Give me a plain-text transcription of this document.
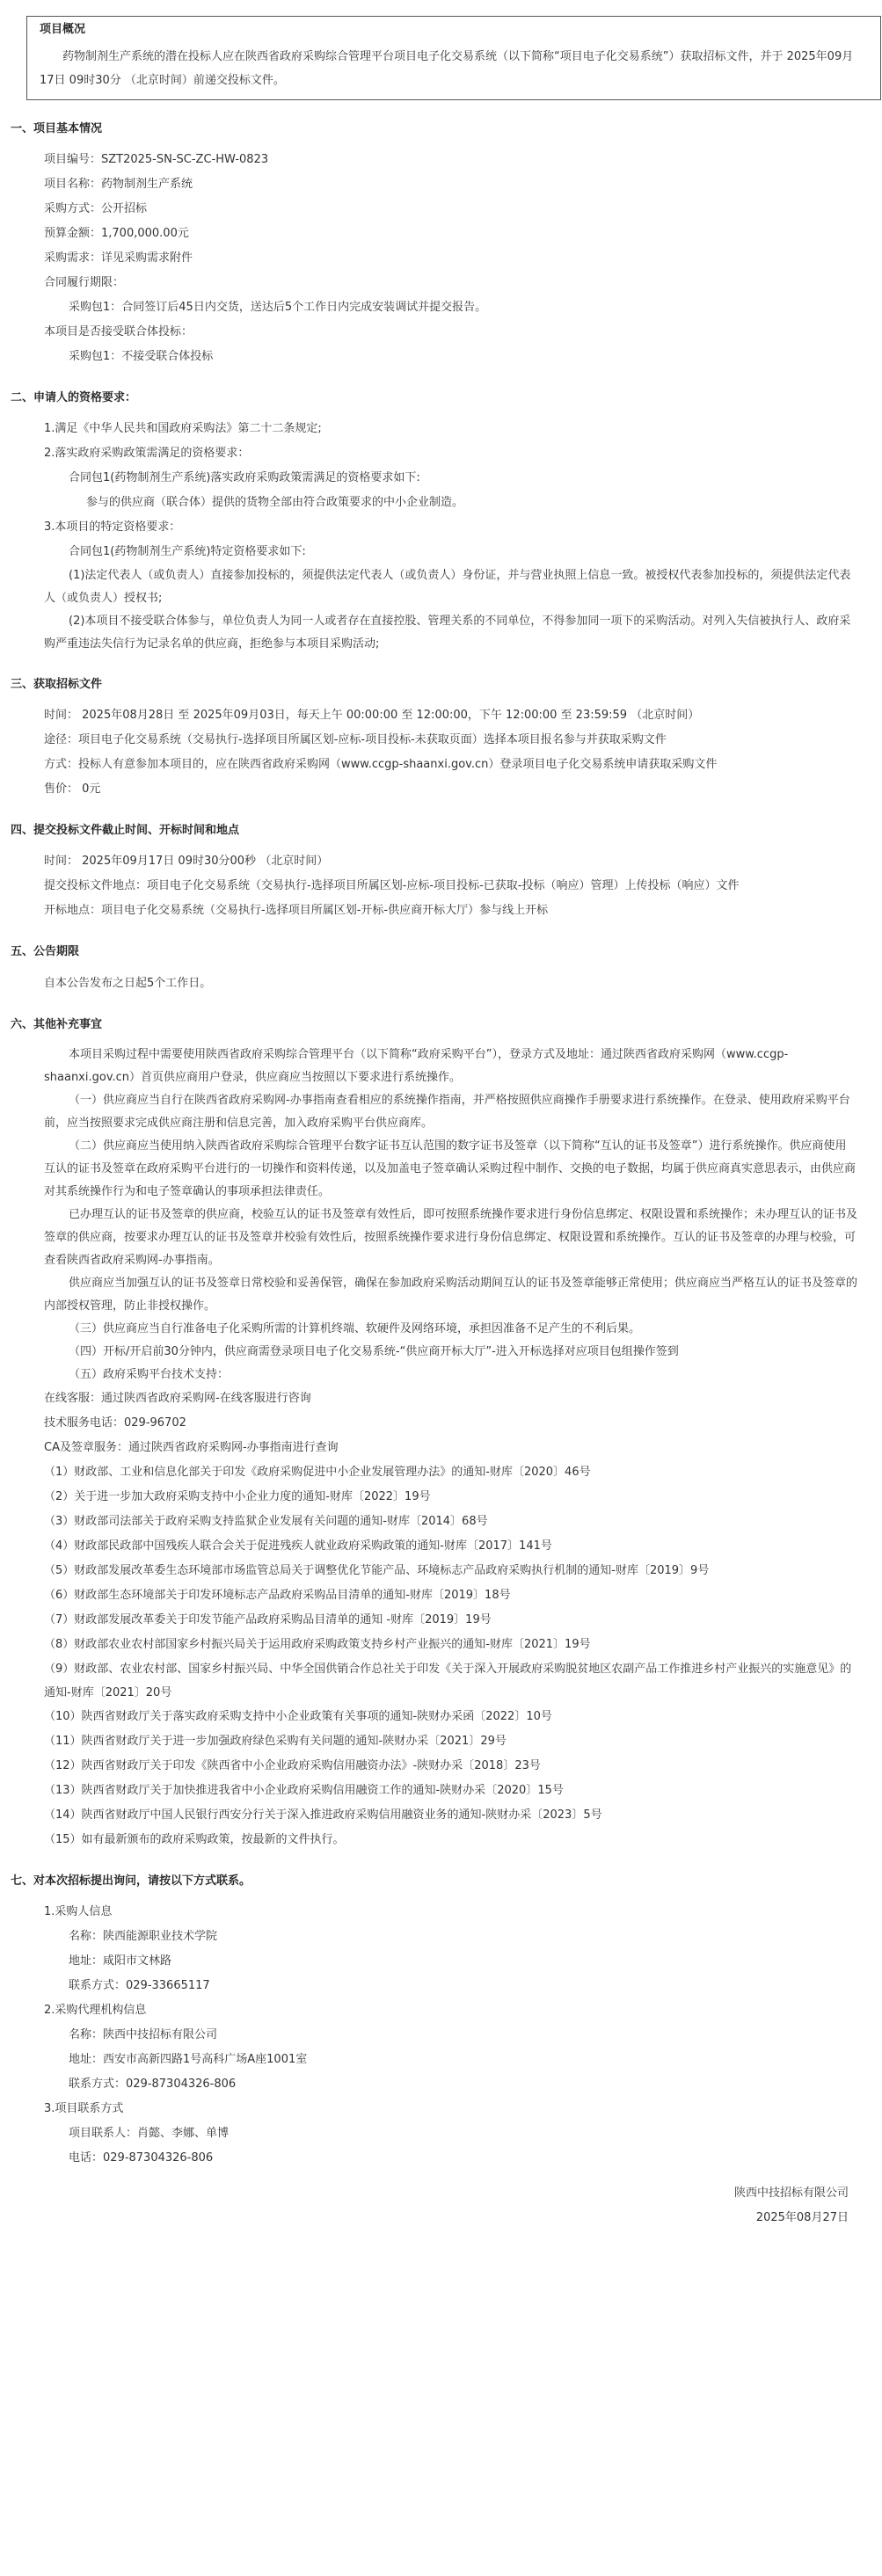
项目概况
药物制剂生产系统的潜在投标人应在陕西省政府采购综合管理平台项目电子化交易系统（以下简称“项目电子化交易系统”）获取招标文件，并于 2025年09月17日 09时30分 （北京时间）前递交投标文件。
一、项目基本情况
项目编号：SZT2025-SN-SC-ZC-HW-0823
项目名称：药物制剂生产系统
采购方式：公开招标
预算金额：1,700,000.00元
采购需求：详见采购需求附件
合同履行期限：
采购包1：合同签订后45日内交货，送达后5个工作日内完成安装调试并提交报告。
本项目是否接受联合体投标：
采购包1：不接受联合体投标
二、申请人的资格要求：
1.满足《中华人民共和国政府采购法》第二十二条规定;
2.落实政府采购政策需满足的资格要求：
合同包1(药物制剂生产系统)落实政府采购政策需满足的资格要求如下:
参与的供应商（联合体）提供的货物全部由符合政策要求的中小企业制造。
3.本项目的特定资格要求：
合同包1(药物制剂生产系统)特定资格要求如下:
(1)法定代表人（或负责人）直接参加投标的，须提供法定代表人（或负责人）身份证，并与营业执照上信息一致。被授权代表参加投标的，须提供法定代表人（或负责人）授权书;
(2)本项目不接受联合体参与，单位负责人为同一人或者存在直接控股、管理关系的不同单位，不得参加同一项下的采购活动。对列入失信被执行人、政府采购严重违法失信行为记录名单的供应商，拒绝参与本项目采购活动;
三、获取招标文件
时间： 2025年08月28日 至 2025年09月03日，每天上午 00:00:00 至 12:00:00，下午 12:00:00 至 23:59:59 （北京时间）
途径：项目电子化交易系统（交易执行-选择项目所属区划-应标-项目投标-未获取页面）选择本项目报名参与并获取采购文件
方式：投标人有意参加本项目的，应在陕西省政府采购网（www.ccgp-shaanxi.gov.cn）登录项目电子化交易系统申请获取采购文件
售价： 0元
四、提交投标文件截止时间、开标时间和地点
时间： 2025年09月17日 09时30分00秒 （北京时间）
提交投标文件地点：项目电子化交易系统（交易执行-选择项目所属区划-应标-项目投标-已获取-投标（响应）管理）上传投标（响应）文件
开标地点：项目电子化交易系统（交易执行-选择项目所属区划-开标-供应商开标大厅）参与线上开标
五、公告期限
自本公告发布之日起5个工作日。
六、其他补充事宜
本项目采购过程中需要使用陕西省政府采购综合管理平台（以下简称“政府采购平台”），登录方式及地址：通过陕西省政府采购网（www.ccgp-shaanxi.gov.cn）首页供应商用户登录，供应商应当按照以下要求进行系统操作。
（一）供应商应当自行在陕西省政府采购网-办事指南查看相应的系统操作指南，并严格按照供应商操作手册要求进行系统操作。在登录、使用政府采购平台前，应当按照要求完成供应商注册和信息完善，加入政府采购平台供应商库。
（二）供应商应当使用纳入陕西省政府采购综合管理平台数字证书互认范围的数字证书及签章（以下简称“互认的证书及签章”）进行系统操作。供应商使用互认的证书及签章在政府采购平台进行的一切操作和资料传递，以及加盖电子签章确认采购过程中制作、交换的电子数据，均属于供应商真实意思表示，由供应商对其系统操作行为和电子签章确认的事项承担法律责任。
已办理互认的证书及签章的供应商，校验互认的证书及签章有效性后，即可按照系统操作要求进行身份信息绑定、权限设置和系统操作；未办理互认的证书及签章的供应商，按要求办理互认的证书及签章并校验有效性后，按照系统操作要求进行身份信息绑定、权限设置和系统操作。互认的证书及签章的办理与校验，可查看陕西省政府采购网-办事指南。
供应商应当加强互认的证书及签章日常校验和妥善保管，确保在参加政府采购活动期间互认的证书及签章能够正常使用；供应商应当严格互认的证书及签章的内部授权管理，防止非授权操作。
（三）供应商应当自行准备电子化采购所需的计算机终端、软硬件及网络环境，承担因准备不足产生的不利后果。
（四）开标/开启前30分钟内，供应商需登录项目电子化交易系统-“供应商开标大厅”-进入开标选择对应项目包组操作签到
（五）政府采购平台技术支持：
在线客服：通过陕西省政府采购网-在线客服进行咨询
技术服务电话：029-96702
CA及签章服务：通过陕西省政府采购网-办事指南进行查询
（1）财政部、工业和信息化部关于印发《政府采购促进中小企业发展管理办法》的通知-财库〔2020〕46号
（2）关于进一步加大政府采购支持中小企业力度的通知-财库〔2022〕19号
（3）财政部司法部关于政府采购支持监狱企业发展有关问题的通知-财库〔2014〕68号
（4）财政部民政部中国残疾人联合会关于促进残疾人就业政府采购政策的通知-财库〔2017〕141号
（5）财政部发展改革委生态环境部市场监管总局关于调整优化节能产品、环境标志产品政府采购执行机制的通知-财库〔2019〕9号
（6）财政部生态环境部关于印发环境标志产品政府采购品目清单的通知-财库〔2019〕18号
（7）财政部发展改革委关于印发节能产品政府采购品目清单的通知 -财库〔2019〕19号
（8）财政部农业农村部国家乡村振兴局关于运用政府采购政策支持乡村产业振兴的通知-财库〔2021〕19号
（9）财政部、农业农村部、国家乡村振兴局、中华全国供销合作总社关于印发《关于深入开展政府采购脱贫地区农副产品工作推进乡村产业振兴的实施意见》的通知-财库〔2021〕20号
（10）陕西省财政厅关于落实政府采购支持中小企业政策有关事项的通知-陕财办采函〔2022〕10号
（11）陕西省财政厅关于进一步加强政府绿色采购有关问题的通知-陕财办采〔2021〕29号
（12）陕西省财政厅关于印发《陕西省中小企业政府采购信用融资办法》-陕财办采〔2018〕23号
（13）陕西省财政厅关于加快推进我省中小企业政府采购信用融资工作的通知-陕财办采〔2020〕15号
（14）陕西省财政厅中国人民银行西安分行关于深入推进政府采购信用融资业务的通知-陕财办采〔2023〕5号
（15）如有最新颁布的政府采购政策，按最新的文件执行。
七、对本次招标提出询问，请按以下方式联系。
1.采购人信息
名称：陕西能源职业技术学院
地址：咸阳市文林路
联系方式：029-33665117
2.采购代理机构信息
名称：陕西中技招标有限公司
地址：西安市高新四路1号高科广场A座1001室
联系方式：029-87304326-806
3.项目联系方式
项目联系人：肖懿、李娜、单博
电话：029-87304326-806
陕西中技招标有限公司
2025年08月27日
